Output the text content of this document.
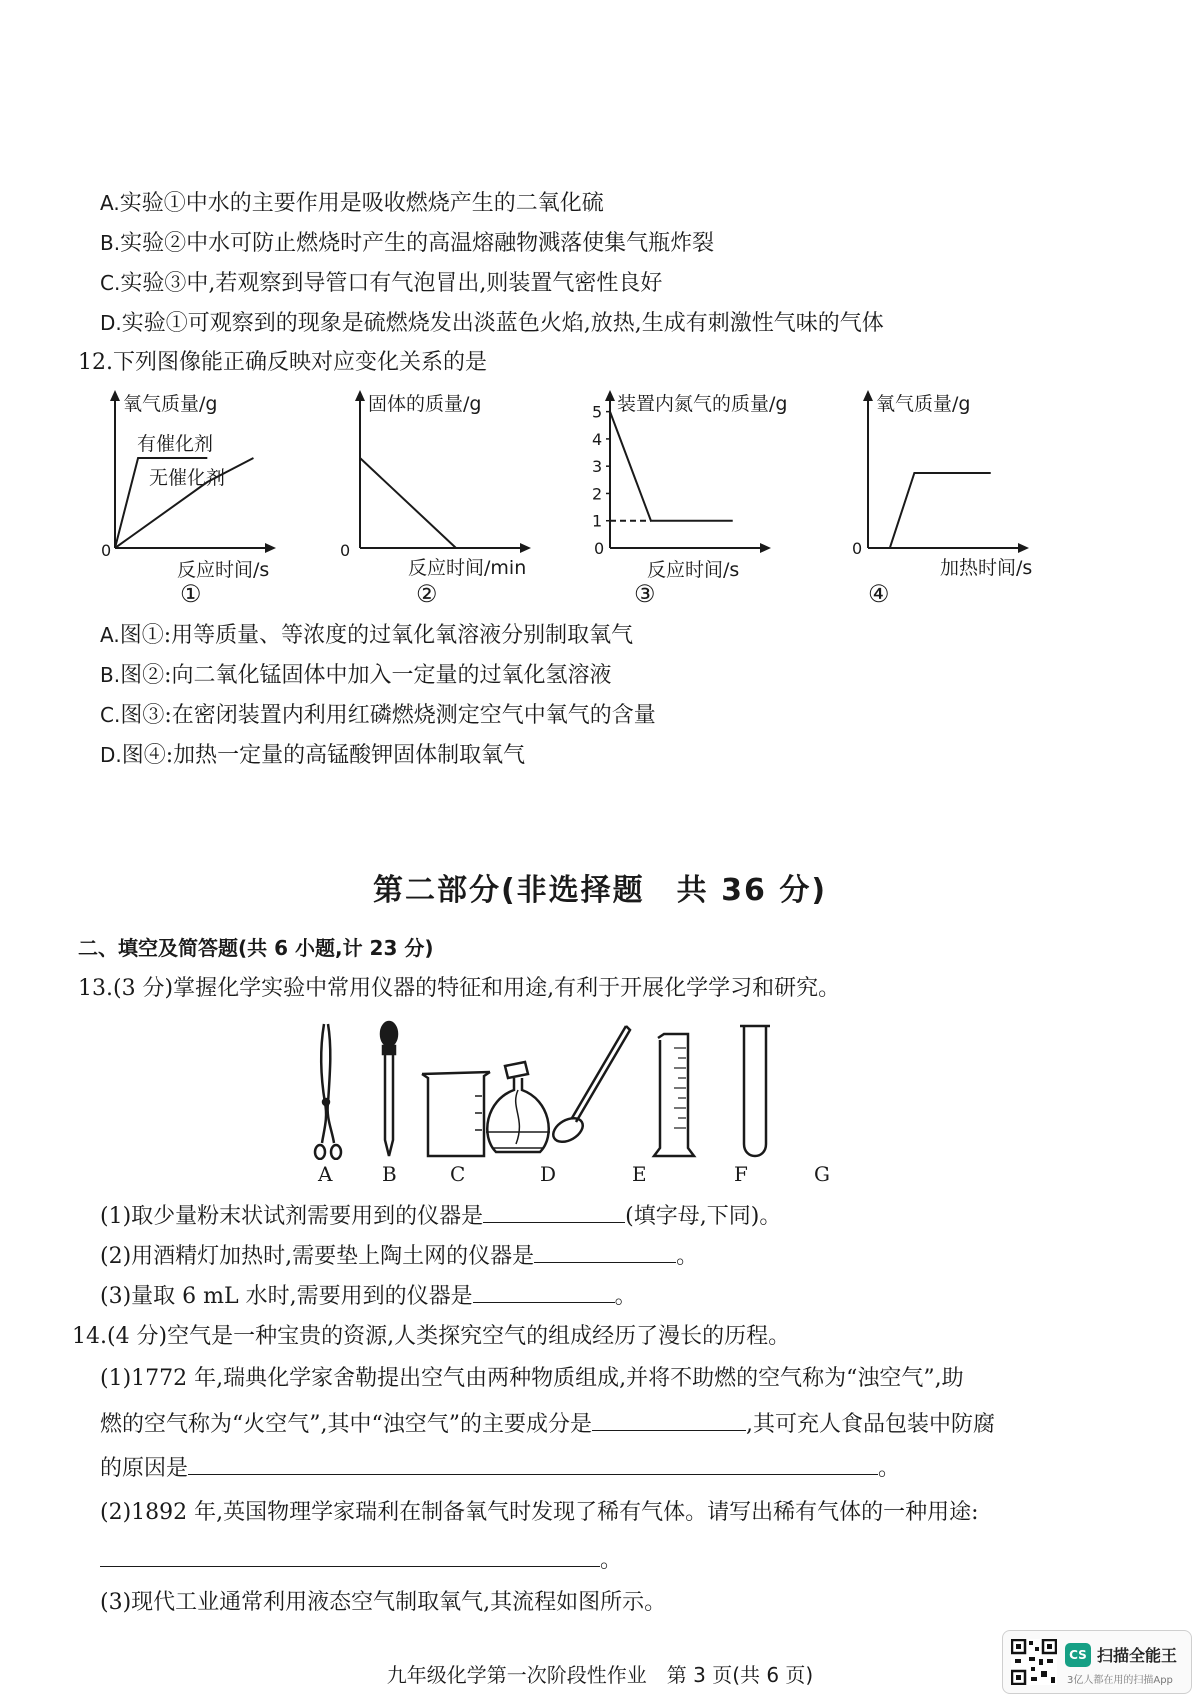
A.实验①中水的主要作用是吸收燃烧产生的二氧化硫
B.实验②中水可防止燃烧时产生的高温熔融物溅落使集气瓶炸裂
C.实验③中,若观察到导管口有气泡冒出,则装置气密性良好
D.实验①可观察到的现象是硫燃烧发出淡蓝色火焰,放热,生成有刺激性气味的气体
12.下列图像能正确反映对应变化关系的是
氧气质量/g
0
反应时间/s
有催化剂
无催化剂
①
固体的质量/g
0
反应时间/min
②
装置内氮气的质量/g
0
反应时间/s
1
2
3
4
5
③
氧气质量/g
0
加热时间/s
④
A.图①:用等质量、等浓度的过氧化氧溶液分别制取氧气
B.图②:向二氧化锰固体中加入一定量的过氧化氢溶液
C.图③:在密闭装置内利用红磷燃烧测定空气中氧气的含量
D.图④:加热一定量的高锰酸钾固体制取氧气
第二部分(非选择题　共 36 分)
二、填空及简答题(共 6 小题,计 23 分)
13.(3 分)掌握化学实验中常用仪器的特征和用途,有利于开展化学学习和研究。
A B	C	D	E	F	G
(1)取少量粉末状试剂需要用到的仪器是	(填字母,下同)。
(2)用酒精灯加热时,需要垫上陶土网的仪器是	。
(3)量取 6 mL 水时,需要用到的仪器是	。
14.(4 分)空气是一种宝贵的资源,人类探究空气的组成经历了漫长的历程。
(1)1772 年,瑞典化学家舍勒提出空气由两种物质组成,并将不助燃的空气称为“浊空气”,助
燃的空气称为“火空气”,其中“浊空气”的主要成分是	,其可充人食品包装中防腐
的原因是	。
(2)1892 年,英国物理学家瑞利在制备氧气时发现了稀有气体。请写出稀有气体的一种用途:
。
(3)现代工业通常利用液态空气制取氧气,其流程如图所示。
九年级化学第一次阶段性作业　第 3 页(共 6 页)
CS 扫描全能王
3亿人都在用的扫描App
